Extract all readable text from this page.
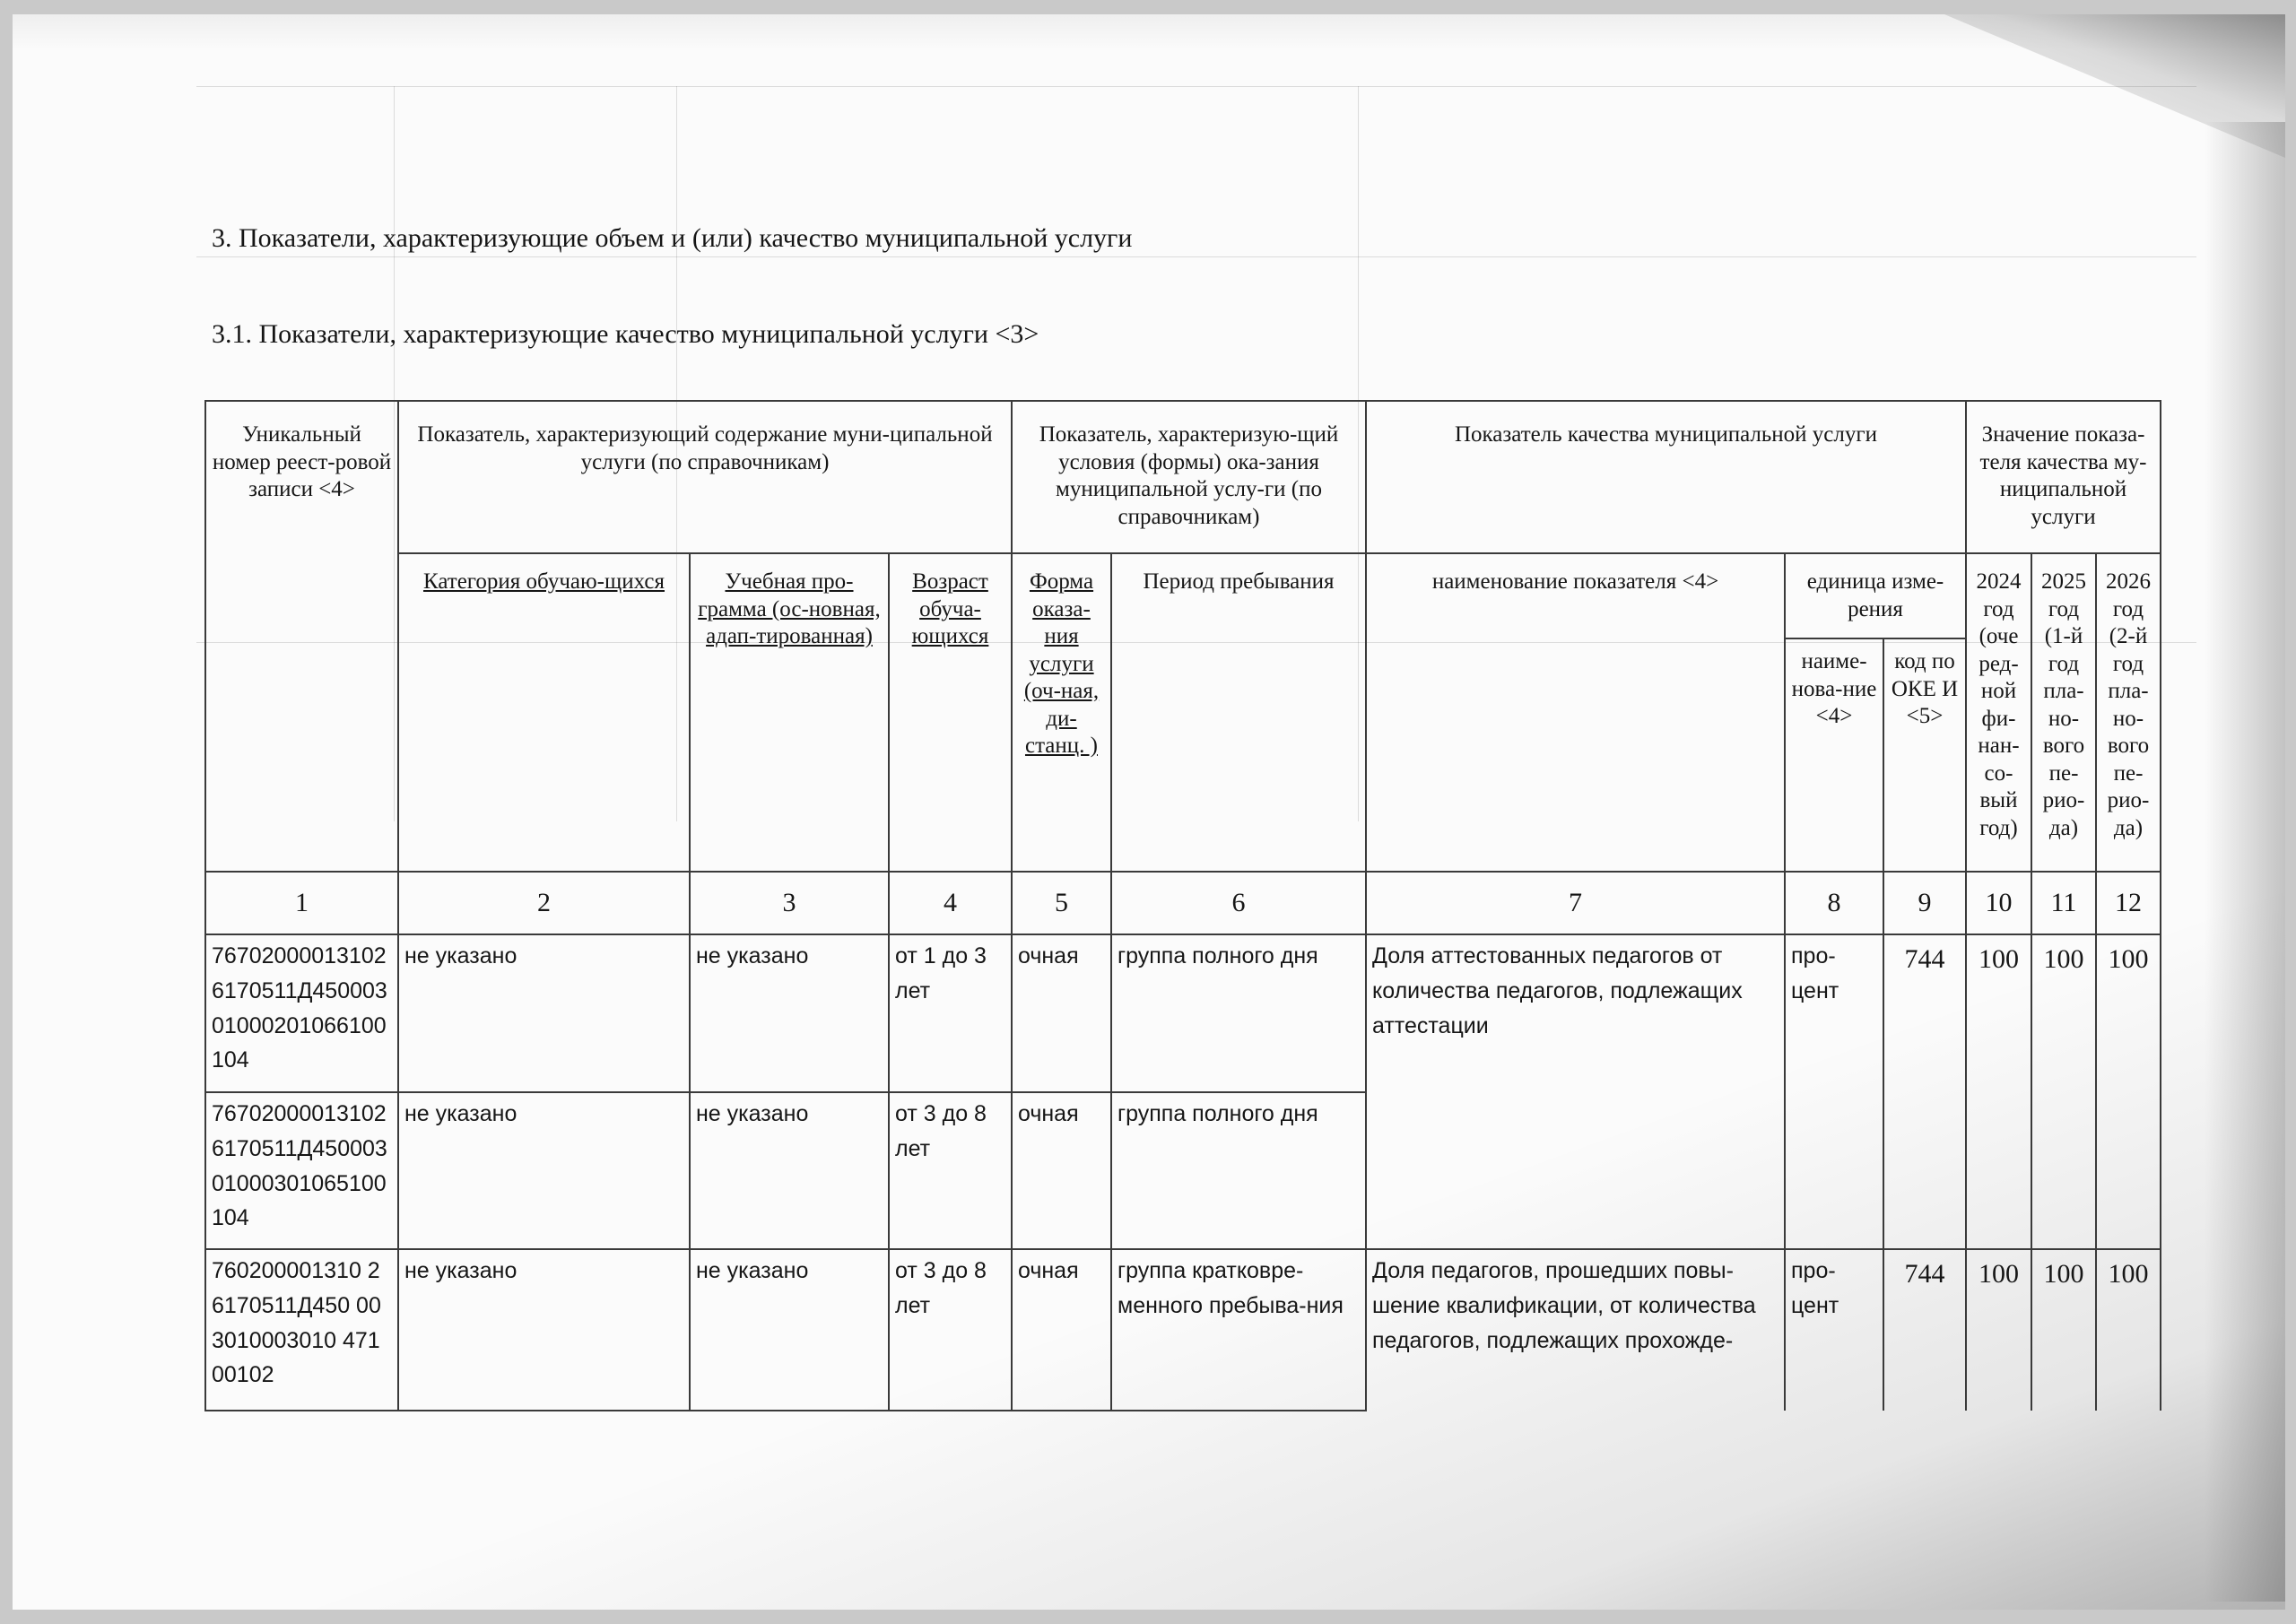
3. Показатели, характеризующие объем и (или) качество муниципальной услуги
3.1. Показатели, характеризующие качество муниципальной услуги <3>
Уникальный номер реест-ровой записи <4>	Показатель, характеризующий содержание муни-ципальной услуги (по справочникам)			Показатель, характеризую-щий условия (формы) ока-зания муниципальной услу-ги (по справочникам)		Показатель качества муниципальной услуги			Значение показа-теля качества му-ниципальной услуги		
	Категория обучаю-щихся	Учебная про-грамма (ос-новная, адап-тированная)	Возраст обуча-ющихся	Форма оказа-ния услуги (оч-ная, ди-станц. )	Период пребывания	наименование показателя <4>	единица изме-рения		2024 год (оче ред-ной фи-нан-со-вый год)	2025 год (1-й год пла-но-вого пе-рио-да)	2026 год (2-й год пла-но-вого пе-рио-да)
							наиме-нова-ние <4>	код по ОКЕ И <5>			
1	2	3	4	5	6	7	8	9	10	11	12
767020000131026170511Д45000301000201066100104	не указано	не указано	от 1 до 3 лет	очная	группа полного дня	Доля аттестованных педагогов от количества педагогов, подлежащих аттестации	про-цент	744	100	100	100
767020000131026170511Д45000301000301065100104	не указано	не указано	от 3 до 8 лет	очная	группа полного дня						
760200001310 26170511Д450 003010003010 47100102	не указано	не указано	от 3 до 8 лет	очная	группа кратковре-менного пребыва-ния	Доля педагогов, прошедших повы-шение квалификации, от количества педагогов, подлежащих прохожде-	про-цент	744	100	100	100
